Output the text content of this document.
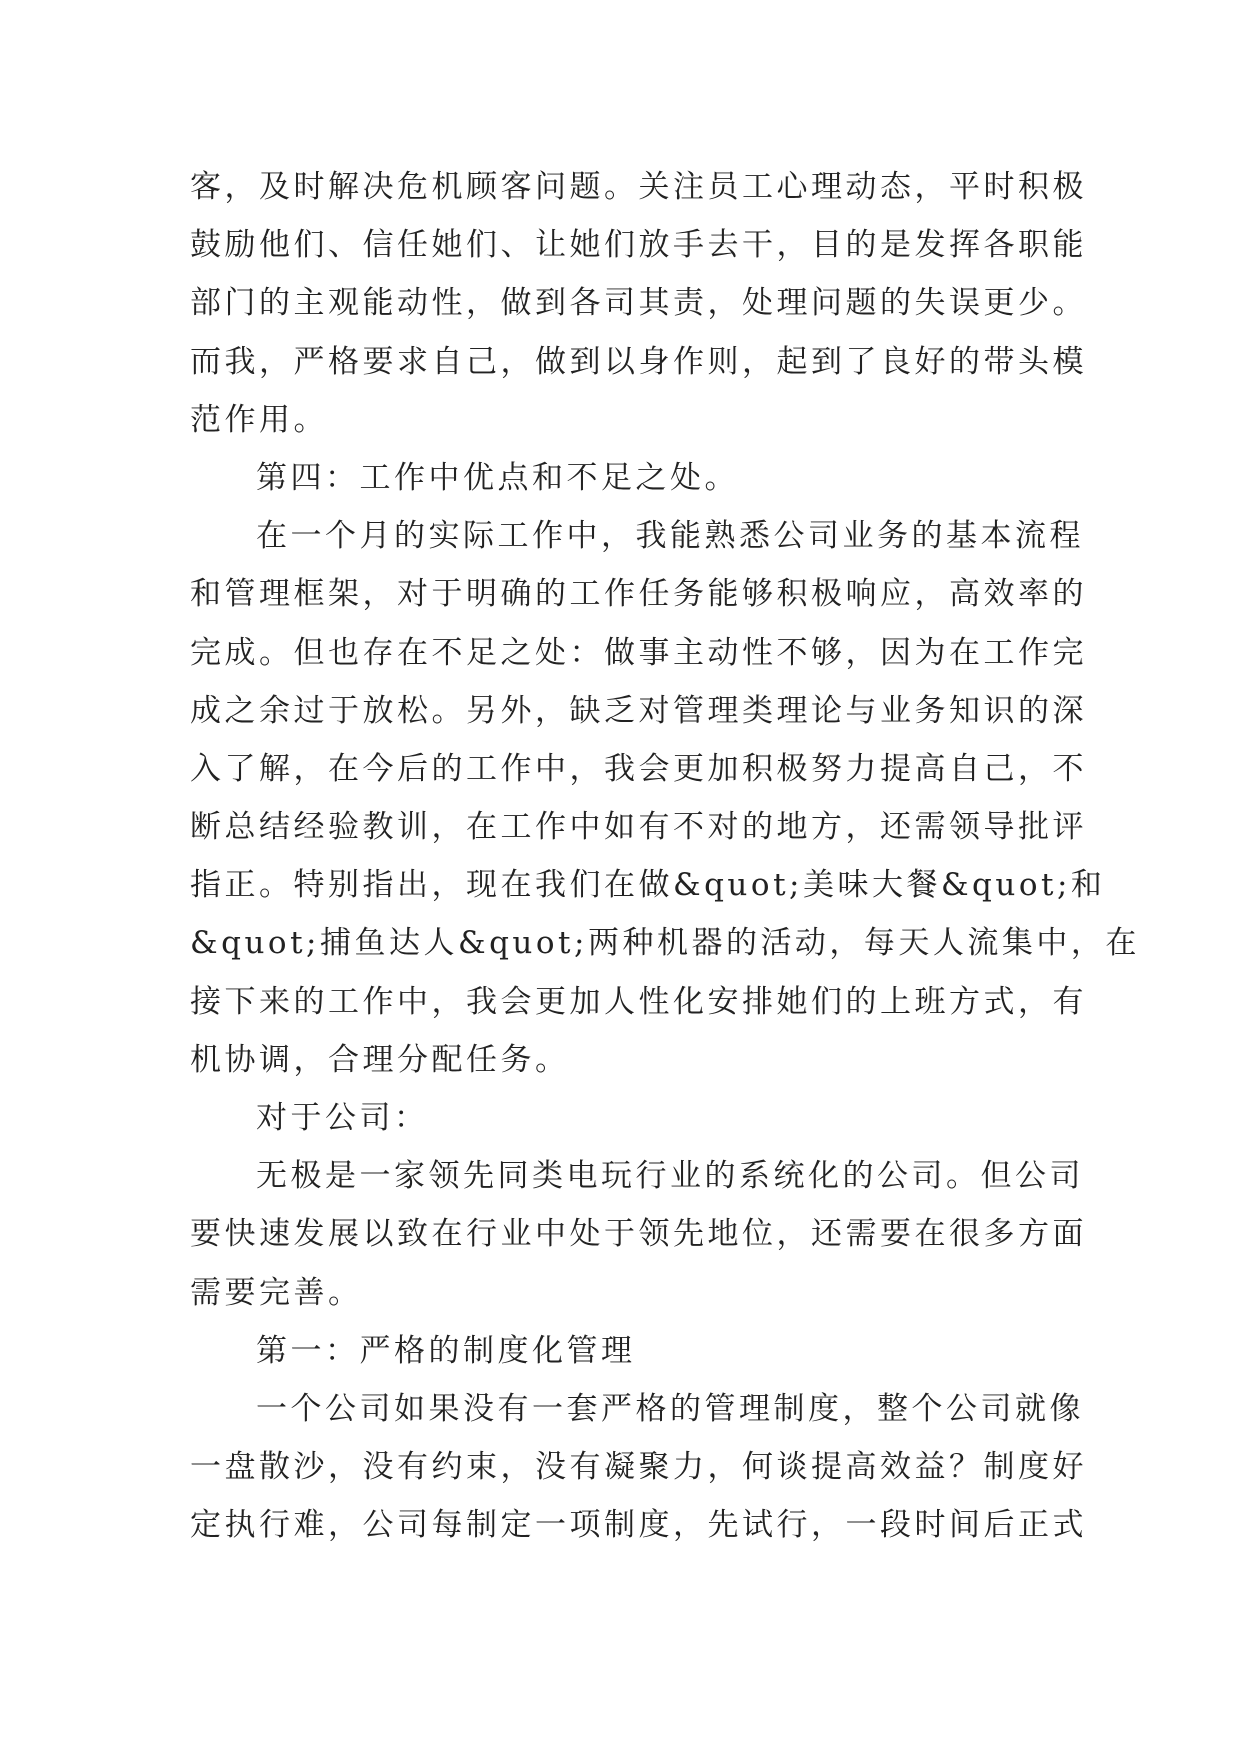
客，及时解决危机顾客问题。关注员工心理动态，平时积极
鼓励他们、信任她们、让她们放手去干，目的是发挥各职能
部门的主观能动性，做到各司其责，处理问题的失误更少。
而我，严格要求自己，做到以身作则，起到了良好的带头模
范作用。
第四：工作中优点和不足之处。
在一个月的实际工作中，我能熟悉公司业务的基本流程
和管理框架，对于明确的工作任务能够积极响应，高效率的
完成。但也存在不足之处：做事主动性不够，因为在工作完
成之余过于放松。另外，缺乏对管理类理论与业务知识的深
入了解，在今后的工作中，我会更加积极努力提高自己，不
断总结经验教训，在工作中如有不对的地方，还需领导批评
指正。特别指出，现在我们在做&quot;美味大餐&quot;和
&quot;捕鱼达人&quot;两种机器的活动，每天人流集中，在
接下来的工作中，我会更加人性化安排她们的上班方式，有
机协调，合理分配任务。
对于公司：
无极是一家领先同类电玩行业的系统化的公司。但公司
要快速发展以致在行业中处于领先地位，还需要在很多方面
需要完善。
第一：严格的制度化管理
一个公司如果没有一套严格的管理制度，整个公司就像
一盘散沙，没有约束，没有凝聚力，何谈提高效益？制度好
定执行难，公司每制定一项制度，先试行，一段时间后正式
